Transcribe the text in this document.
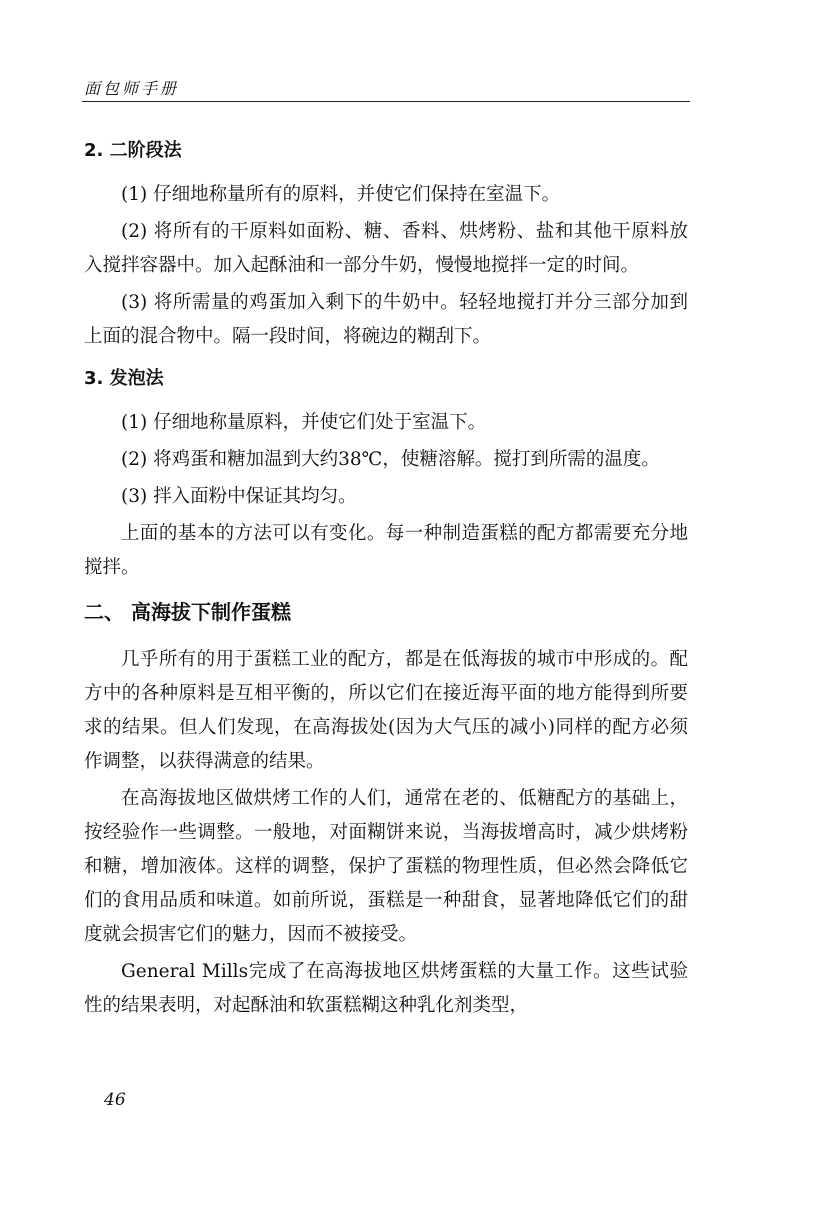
面包师手册
2. 二阶段法

(1) 仔细地称量所有的原料，并使它们保持在室温下。

(2) 将所有的干原料如面粉、糖、香料、烘烤粉、盐和其他干原料放入搅拌容器中。加入起酥油和一部分牛奶，慢慢地搅拌一定的时间。

(3) 将所需量的鸡蛋加入剩下的牛奶中。轻轻地搅打并分三部分加到上面的混合物中。隔一段时间，将碗边的糊刮下。

3. 发泡法

(1) 仔细地称量原料，并使它们处于室温下。

(2) 将鸡蛋和糖加温到大约38℃，使糖溶解。搅打到所需的温度。

(3) 拌入面粉中保证其均匀。

上面的基本的方法可以有变化。每一种制造蛋糕的配方都需要充分地搅拌。

二、 高海拔下制作蛋糕

几乎所有的用于蛋糕工业的配方，都是在低海拔的城市中形成的。配方中的各种原料是互相平衡的，所以它们在接近海平面的地方能得到所要求的结果。但人们发现，在高海拔处(因为大气压的减小)同样的配方必须作调整，以获得满意的结果。

在高海拔地区做烘烤工作的人们，通常在老的、低糖配方的基础上，按经验作一些调整。一般地，对面糊饼来说，当海拔增高时，减少烘烤粉和糖，增加液体。这样的调整，保护了蛋糕的物理性质，但必然会降低它们的食用品质和味道。如前所说，蛋糕是一种甜食，显著地降低它们的甜度就会损害它们的魅力，因而不被接受。

General Mills完成了在高海拔地区烘烤蛋糕的大量工作。这些试验性的结果表明，对起酥油和软蛋糕糊这种乳化剂类型，

46
